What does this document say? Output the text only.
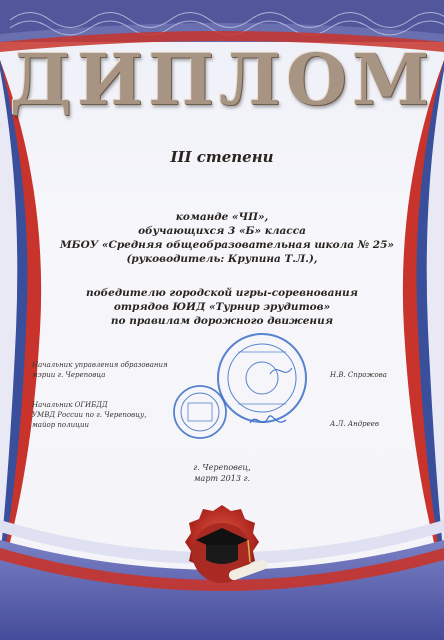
ДИПЛОМ
III степени
команде «ЧП»,
обучающихся 3 «Б» класса
МБОУ «Средняя общеобразовательная школа № 25»
(руководитель: Крупина Т.Л.),
победителю городской игры-соревнования
отрядов ЮИД «Турнир эрудитов»
по правилам дорожного движения
Начальник управления образования
мэрии г. Череповца	Н.В. Спрожова
Начальник ОГИБДД
УМВД России по г. Череповцу,
майор полиции	А.Л. Андреев
г. Череповец,
март 2013 г.
